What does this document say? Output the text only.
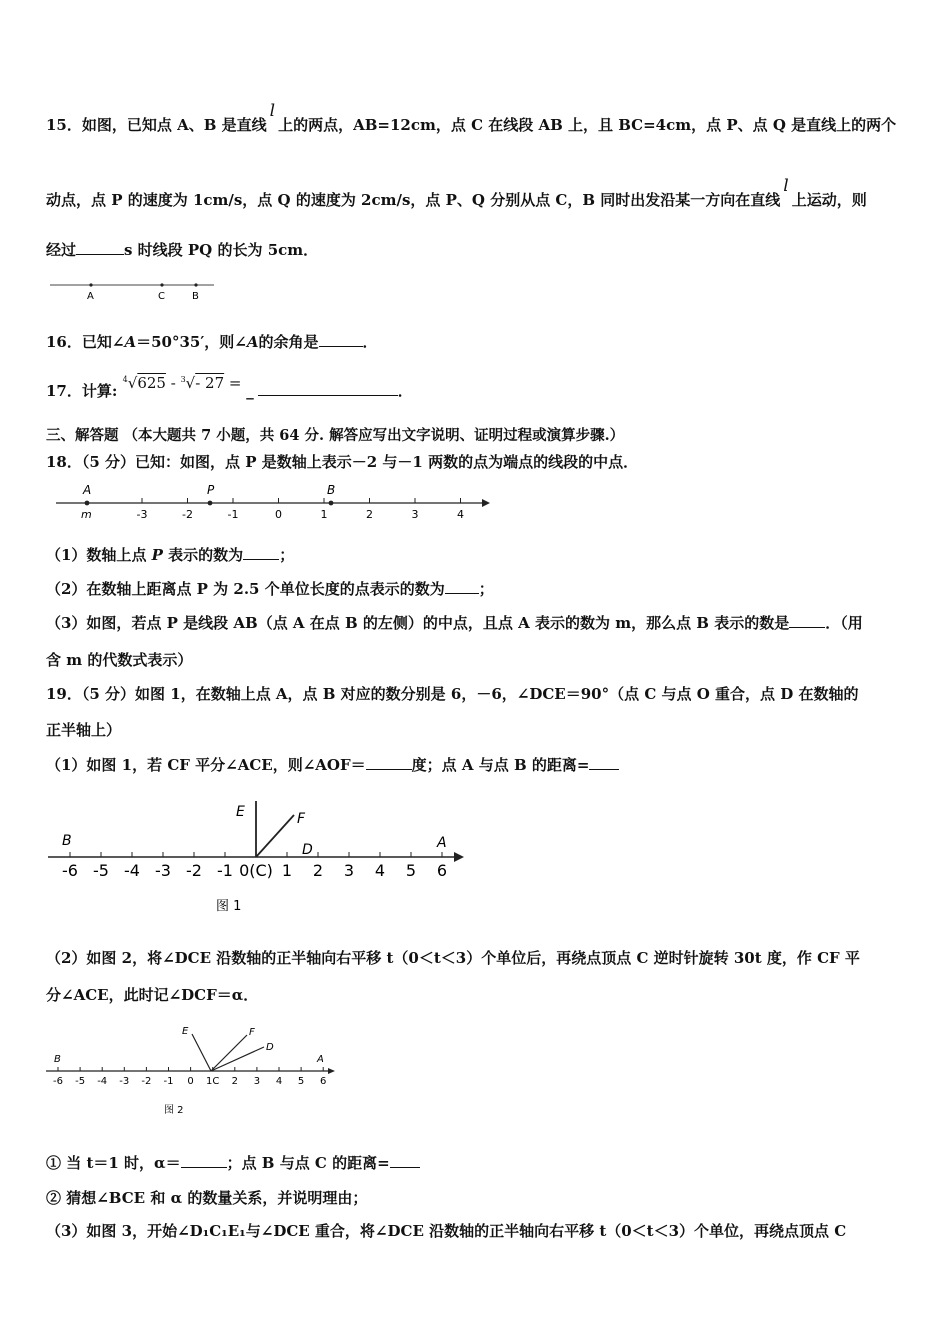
15．如图，已知点 A、B 是直线l上的两点，AB=12cm，点 C 在线段 AB 上，且 BC=4cm，点 P、点 Q 是直线上的两个
动点，点 P 的速度为 1cm/s，点 Q 的速度为 2cm/s，点 P、Q 分别从点 C，B 同时出发沿某一方向在直线l上运动，则
经过	s 时线段 PQ 的长为 5cm．
A	C	B
16．已知∠A＝50°35′，则∠A的余角是	．
17．计算: $^4$√625 - $^3$√- 27 = _	．
三、解答题 （本大题共 7 小题，共 64 分. 解答应写出文字说明、证明过程或演算步骤.）
18．（5 分）已知：如图，点 P 是数轴上表示－2 与－1 两数的点为端点的线段的中点．
-3	-2	-1	0	1	2	3	4
A	P	B
m
（1）数轴上点 P 表示的数为 ；
（2）在数轴上距离点 P 为 2.5 个单位长度的点表示的数为 ；
（3）如图，若点 P 是线段 AB（点 A 在点 B 的左侧）的中点，且点 A 表示的数为 m，那么点 B 表示的数是 ．（用
含 m 的代数式表示）
19．（5 分）如图 1，在数轴上点 A，点 B 对应的数分别是 6，－6，∠DCE＝90°（点 C 与点 O 重合，点 D 在数轴的
正半轴上）
（1）如图 1，若 CF 平分∠ACE，则∠AOF＝	度；点 A 与点 B 的距离=
-6 -5 -4 -3 -2 -1 0(C) 1 2 3 4 5 6
E	F
D
B	A
图 1
（2）如图 2，将∠DCE 沿数轴的正半轴向右平移 t（0＜t＜3）个单位后，再绕点顶点 C 逆时针旋转 30t 度，作 CF 平
分∠ACE，此时记∠DCF＝α．
-6 -5 -4 -3 -2 -1 0 1C 2 3 4 5 6
E	F
D
B	A
图 2
① 当 t＝1 时，α＝	；点 B 与点 C 的距离=
② 猜想∠BCE 和 α 的数量关系，并说明理由；
（3）如图 3，开始∠D₁C₁E₁与∠DCE 重合，将∠DCE 沿数轴的正半轴向右平移 t（0＜t＜3）个单位，再绕点顶点 C
